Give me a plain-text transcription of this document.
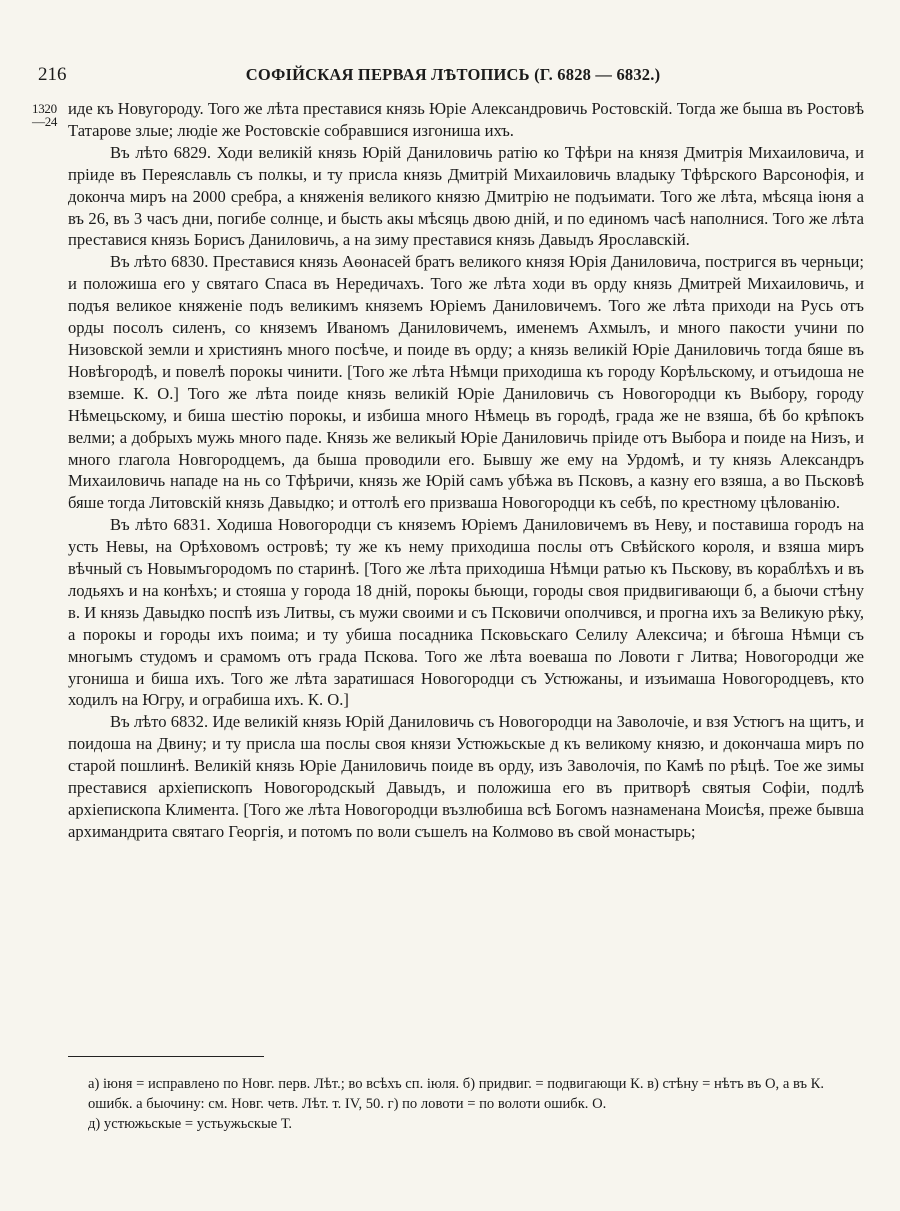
216	СОФІЙСКАЯ ПЕРВАЯ ЛѢТОПИСЬ (Г. 6828 — 6832.)
1320
—24

иде къ Новугороду. Того же лѣта преставися князь Юріе Александровичь Ростовскій. Тогда же быша въ Ростовѣ Татарове злые; людіе же Ростовскіе собравшися изгониша ихъ.

Въ лѣто 6829. Ходи великій князь Юрій Даниловичь ратію ко Тфѣри на князя Дмитрія Михаиловича, и пріиде въ Переяславль съ полкы, и ту присла князь Дмитрій Михаиловичь владыку Тфѣрского Варсонофія, и доконча миръ на 2000 сребра, а княженія великого князю Дмитрію не подъимати. Того же лѣта, мѣсяца іюня а въ 26, въ 3 часъ дни, погибе солнце, и бысть акы мѣсяць двою днiй, и по единомъ часѣ наполнися. Того же лѣта преставися князь Борисъ Даниловичь, а на зиму преставися князь Давыдъ Ярославскій.

Въ лѣто 6830. Преставися князь Аѳонасей братъ великого князя Юрія Даниловича, постригся въ черньци; и положиша его у святаго Спаса въ Нередичахъ. Того же лѣта ходи въ орду князь Дмитрей Михаиловичь, и подъя великое княженіе подъ великимъ княземъ Юріемъ Даниловичемъ. Того же лѣта приходи на Русь отъ орды посолъ силенъ, со княземъ Иваномъ Даниловичемъ, именемъ Ахмылъ, и много пакости учини по Низовской земли и християнъ много посѣче, и поиде въ орду; а князь великій Юріе Даниловичь тогда бяше въ Новѣгородѣ, и повелѣ порокы чинити. [Того же лѣта Нѣмци приходиша къ городу Корѣльскому, и отъидоша не вземше. К. О.] Того же лѣта поиде князь великій Юріе Даниловичь съ Новогородци къ Выбору, городу Нѣмецьскому, и биша шестію порокы, и избиша много Нѣмець въ городѣ, града же не взяша, бѣ бо крѣпокъ велми; а добрыхъ мужь много паде. Князь же великый Юріе Даниловичь пріиде отъ Выбора и поиде на Низъ, и много глагола Новгородцемъ, да быша проводили его. Бывшу же ему на Урдомѣ, и ту князь Александръ Михаиловичь нападе на нь со Тфѣричи, князь же Юрій самъ убѣжа въ Псковъ, а казну его взяша, а во Пьсковѣ бяше тогда Литовскій князь Давыдко; и оттолѣ его призваша Новогородци къ себѣ, по крестному цѣлованію.

Въ лѣто 6831. Ходиша Новогородци съ княземъ Юріемъ Даниловичемъ въ Неву, и поставиша городъ на усть Невы, на Орѣховомъ островѣ; ту же къ нему приходиша послы отъ Свѣйского короля, и взяша миръ вѣчный съ Новымъгородомъ по старинѣ. [Того же лѣта приходиша Нѣмци ратью къ Пьскову, въ кораблѣхъ и въ лодьяхъ и на конѣхъ; и стояша у города 18 днiй, порокы бьющи, городы своя придвигивающи б, а быочи стѣну в. И князь Давыдко поспѣ изъ Литвы, съ мужи своими и съ Псковичи ополчився, и прогна ихъ за Великую рѣку, а порокы и городы ихъ поима; и ту убиша посадника Псковьскаго Селилу Алексича; и бѣгоша Нѣмци съ многымъ студомъ и срамомъ отъ града Пскова. Того же лѣта воеваша по Ловоти г Литва; Новогородци же угониша и биша ихъ. Того же лѣта заратишася Новогородци съ Устюжаны, и изъимаша Новогородцевъ, кто ходилъ на Югру, и ограбиша ихъ. К. О.]

Въ лѣто 6832. Иде великій князь Юрій Даниловичь съ Новогородци на Заволочіе, и взя Устюгъ на щитъ, и поидоша на Двину; и ту присла ша послы своя князи Устюжьскые д къ великому князю, и докончаша миръ по старой пошлинѣ. Великій князь Юріе Даниловичь поиде въ орду, изъ Заволочія, по Камѣ по рѣцѣ. Тое же зимы преставися архіепископъ Новогородскый Давыдъ, и положиша его въ притворѣ святыя Софіи, подлѣ архіепископа Климента. [Того же лѣта Новогородци възлюбиша всѣ Богомъ назнаменана Моисѣя, преже бывша архимандрита святаго Георгія, и потомъ по воли съшелъ на Колмово въ свой монастырь;

а) іюня = исправлено по Новг. перв. Лѣт.; во всѣхъ сп. іюля. б) придвиг. = подвигающи К. в) стѣну = нѣтъ въ О, а въ К. ошибк. а быочину: см. Новг. четв. Лѣт. т. IV, 50. г) по ловоти = по волоти ошибк. О.

д) устюжьскые = устьужьскые Т.
